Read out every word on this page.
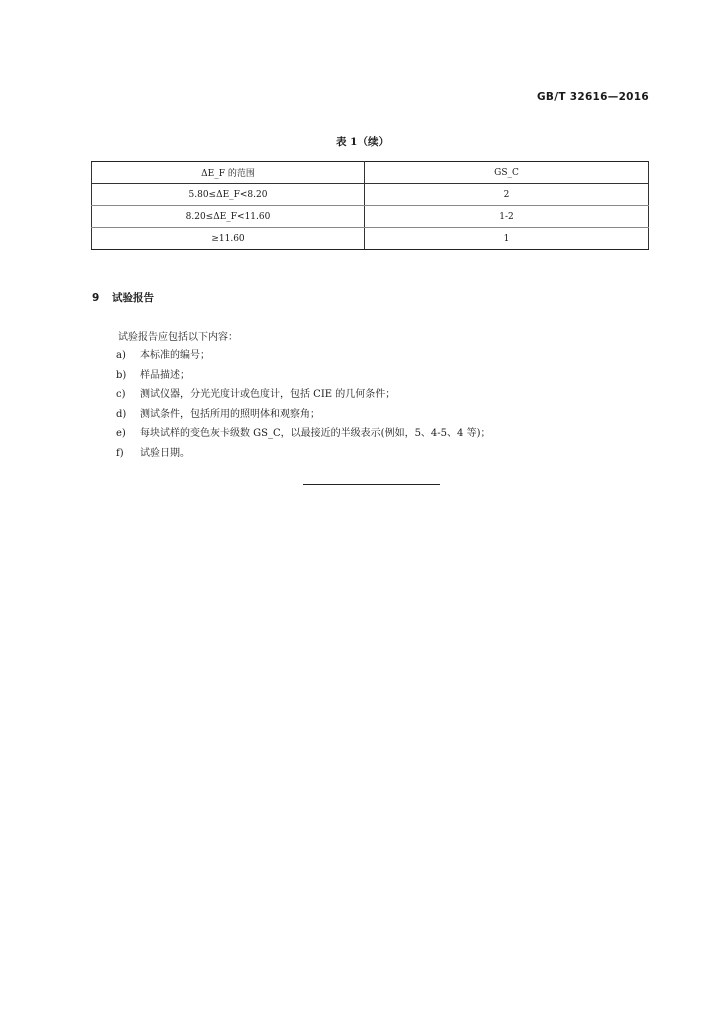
GB/T 32616—2016
表 1（续）
ΔE_F 的范围	GS_C
5.80≤ΔE_F<8.20	2
8.20≤ΔE_F<11.60	1-2
≥11.60	1
9 试验报告
试验报告应包括以下内容：
a) 本标准的编号；
b) 样品描述；
c) 测试仪器，分光光度计或色度计，包括 CIE 的几何条件；
d) 测试条件，包括所用的照明体和观察角；
e) 每块试样的变色灰卡级数 GS_C，以最接近的半级表示(例如，5、4-5、4 等)；
f) 试验日期。
